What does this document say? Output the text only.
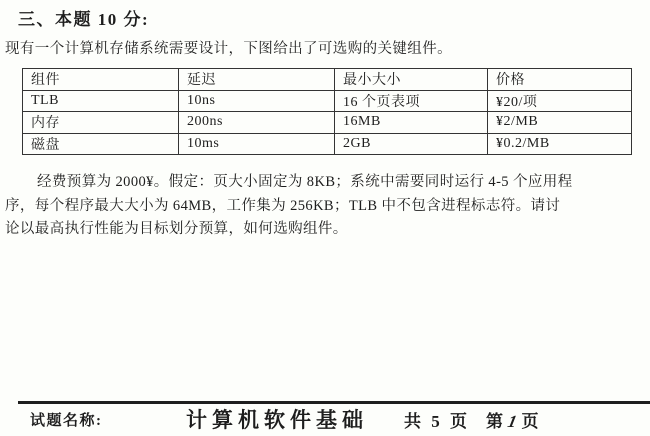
三、本题 10 分:
现有一个计算机存储系统需要设计，下图给出了可选购的关键组件。
组件	延迟	最小大小	价格
TLB	10ns	16 个页表项	¥20/项
内存	200ns	16MB	¥2/MB
磁盘	10ms	2GB	¥0.2/MB
经费预算为 2000¥。假定：页大小固定为 8KB；系统中需要同时运行 4-5 个应用程
序，每个程序最大大小为 64MB，工作集为 256KB；TLB 中不包含进程标志符。请讨
论以最高执行性能为目标划分预算，如何选购组件。
试题名称:	计算机软件基础 共 5 页 第 1 页
